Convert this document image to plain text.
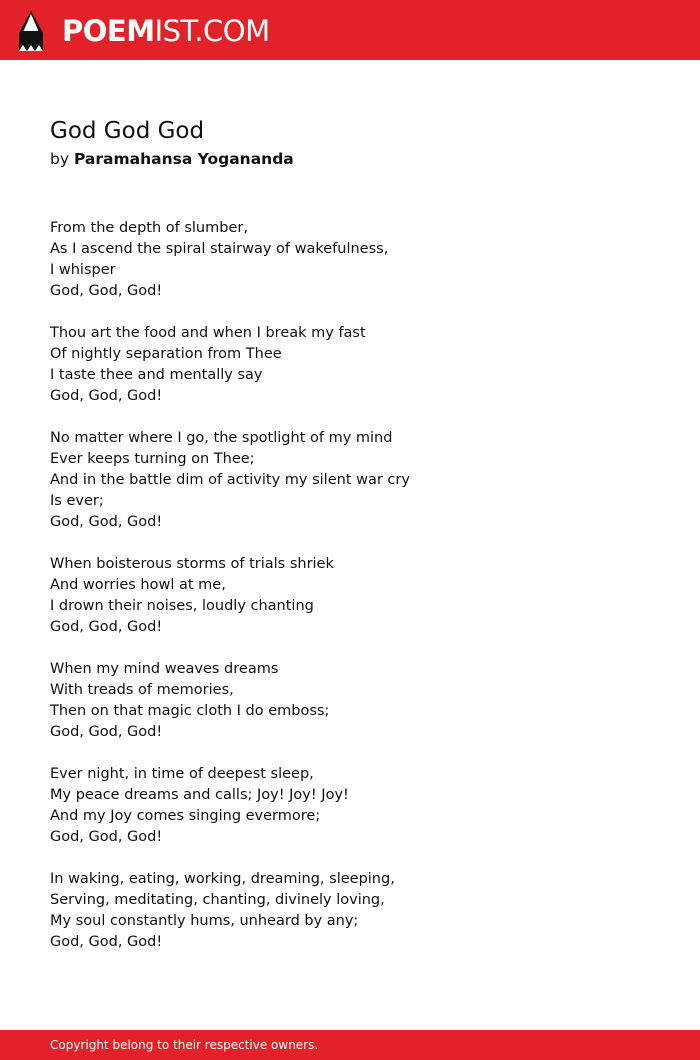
POEMIST.COM
God God God
by Paramahansa Yogananda
From the depth of slumber,
As I ascend the spiral stairway of wakefulness,
I whisper
God, God, God!
Thou art the food and when I break my fast
Of nightly separation from Thee
I taste thee and mentally say
God, God, God!
No matter where I go, the spotlight of my mind
Ever keeps turning on Thee;
And in the battle dim of activity my silent war cry
Is ever;
God, God, God!
When boisterous storms of trials shriek
And worries howl at me,
I drown their noises, loudly chanting
God, God, God!
When my mind weaves dreams
With treads of memories,
Then on that magic cloth I do emboss;
God, God, God!
Ever night, in time of deepest sleep,
My peace dreams and calls; Joy! Joy! Joy!
And my Joy comes singing evermore;
God, God, God!
In waking, eating, working, dreaming, sleeping,
Serving, meditating, chanting, divinely loving,
My soul constantly hums, unheard by any;
God, God, God!
Copyright belong to their respective owners.
